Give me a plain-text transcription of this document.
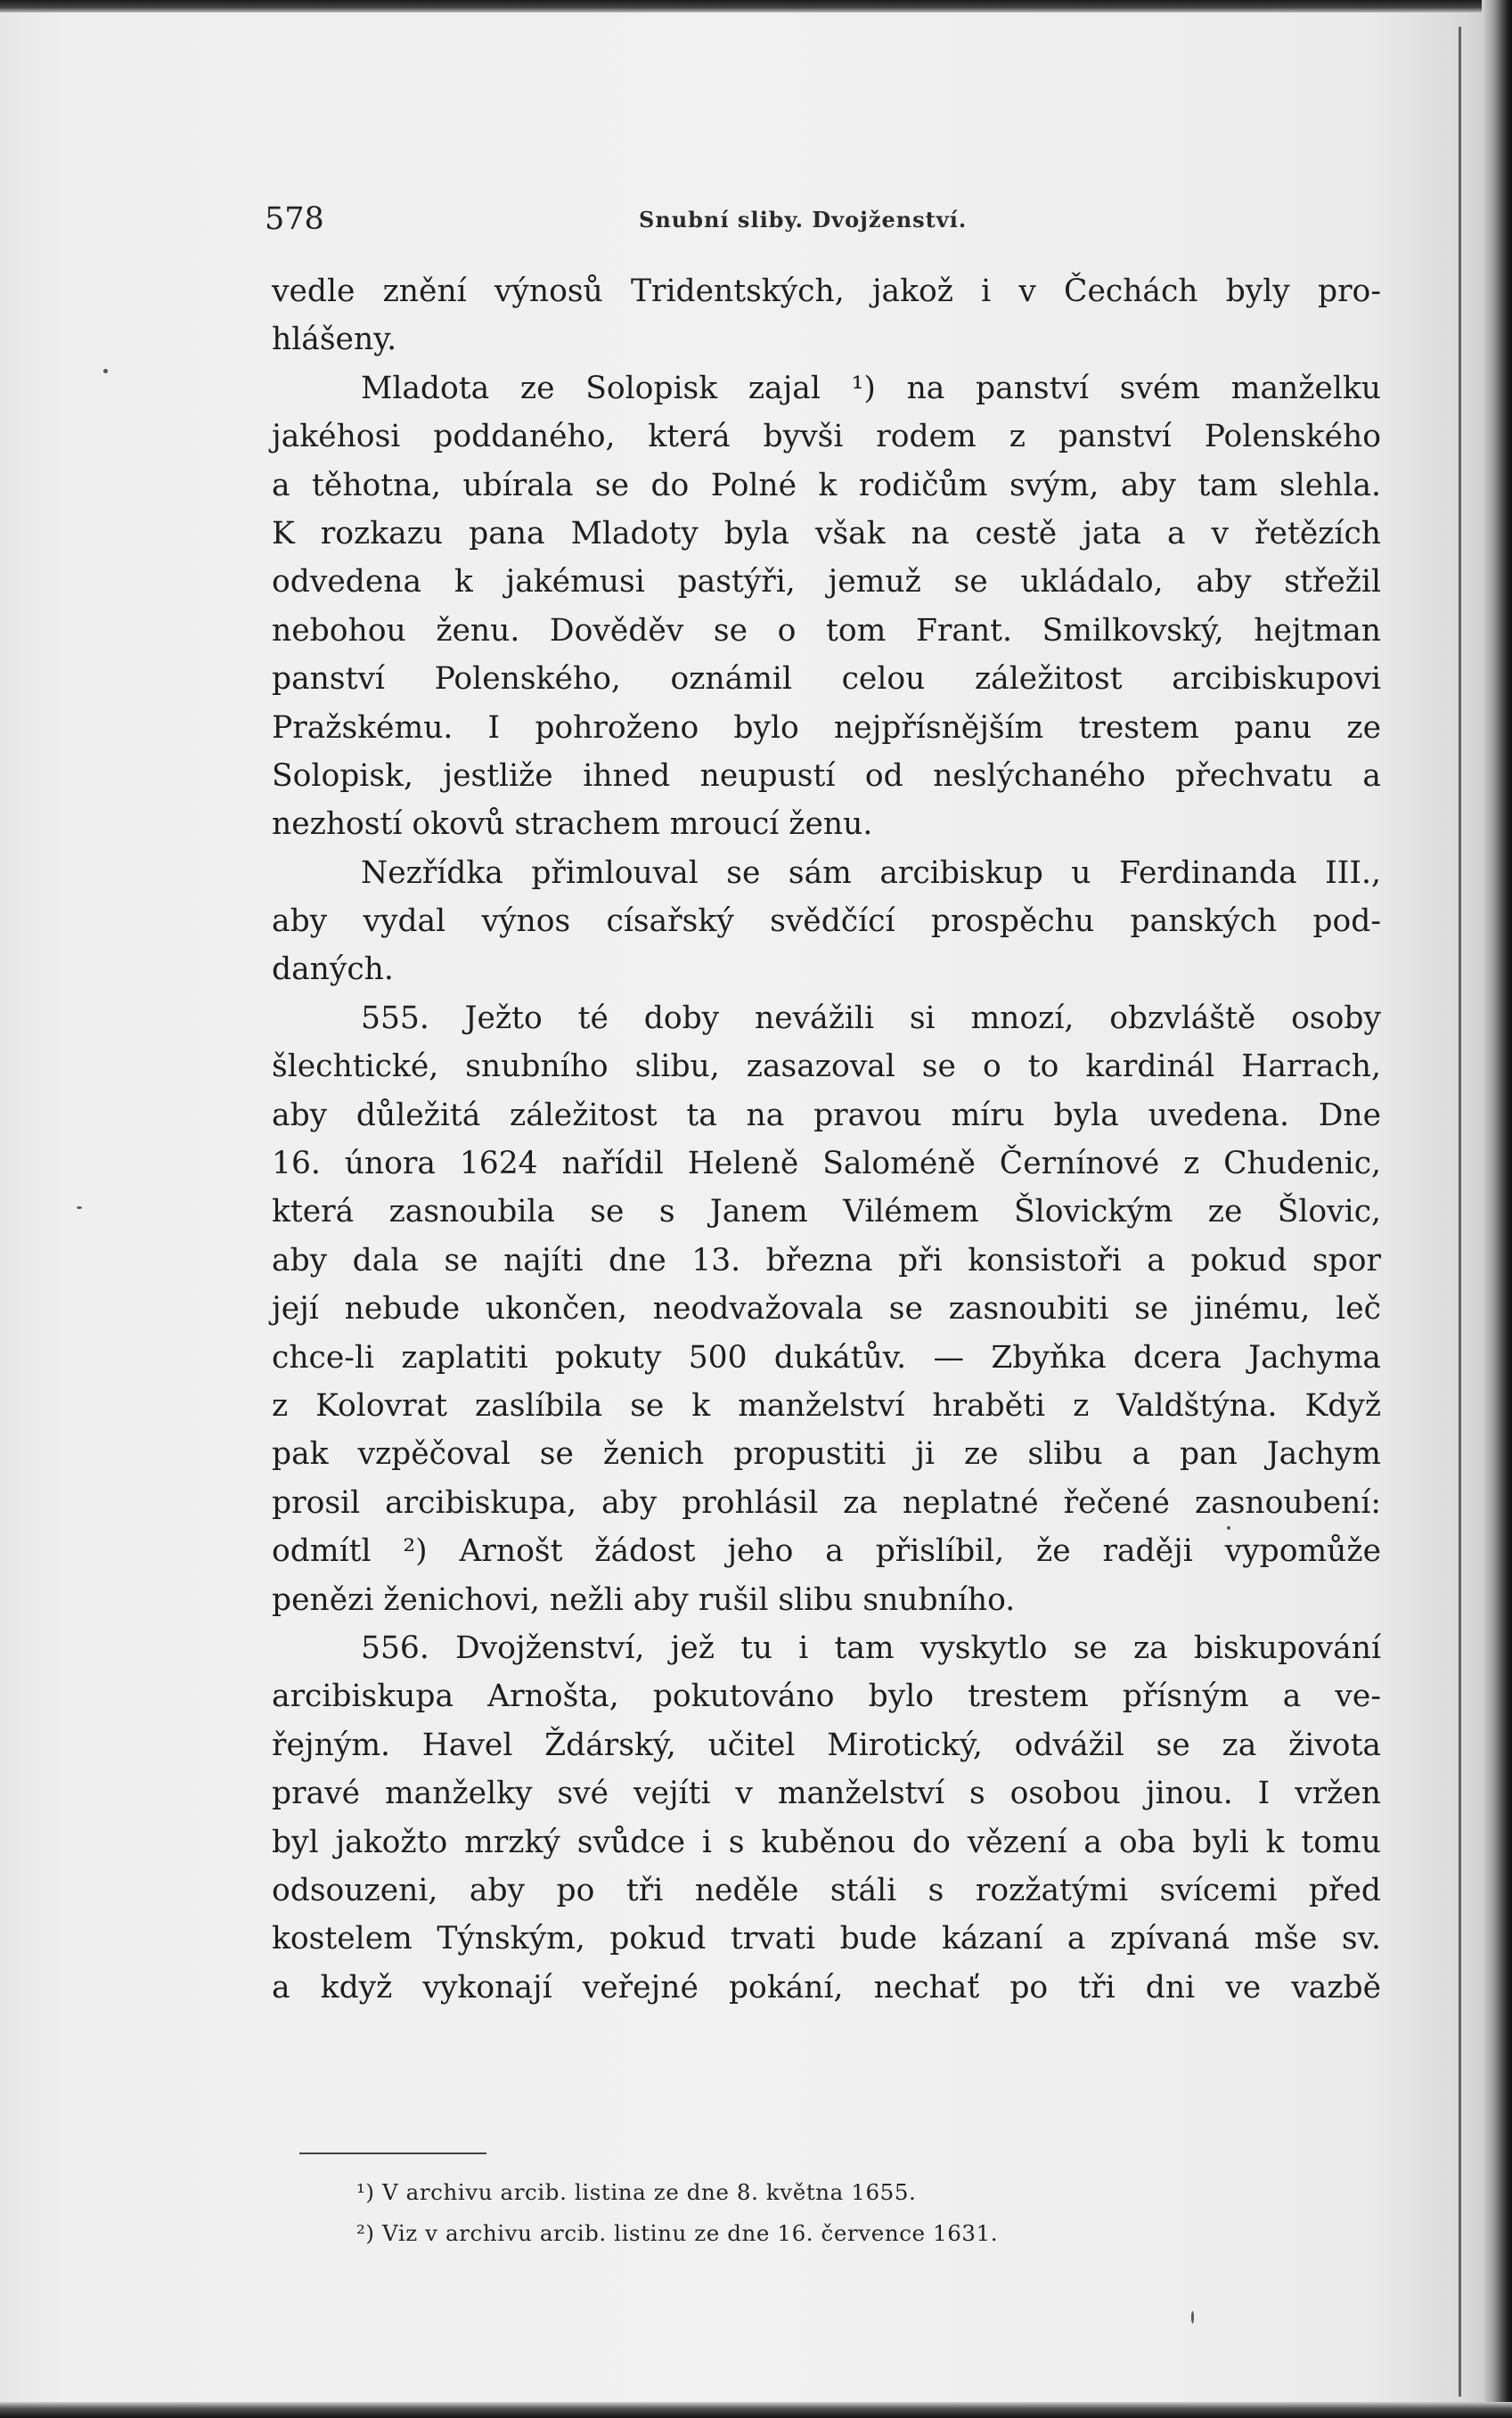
578	Snubní sliby. Dvojženství.
vedle znění výnosů Tridentských, jakož i v Čechách byly pro-
hlášeny.
Mladota ze Solopisk zajal ¹) na panství svém manželku
jakéhosi poddaného, která byvši rodem z panství Polenského
a těhotna, ubírala se do Polné k rodičům svým, aby tam slehla.
K rozkazu pana Mladoty byla však na cestě jata a v řetězích
odvedena k jakémusi pastýři, jemuž se ukládalo, aby střežil
nebohou ženu. Dověděv se o tom Frant. Smilkovský, hejtman
panství Polenského, oznámil celou záležitost arcibiskupovi
Pražskému. I pohroženo bylo nejpřísnějším trestem panu ze
Solopisk, jestliže ihned neupustí od neslýchaného přechvatu a
nezhostí okovů strachem mroucí ženu.
Nezřídka přimlouval se sám arcibiskup u Ferdinanda III.,
aby vydal výnos císařský svědčící prospěchu panských pod-
daných.
555. Ježto té doby nevážili si mnozí, obzvláště osoby
šlechtické, snubního slibu, zasazoval se o to kardinál Harrach,
aby důležitá záležitost ta na pravou míru byla uvedena. Dne
16. února 1624 nařídil Heleně Saloméně Černínové z Chudenic,
která zasnoubila se s Janem Vilémem Šlovickým ze Šlovic,
aby dala se najíti dne 13. března při konsistoři a pokud spor
její nebude ukončen, neodvažovala se zasnoubiti se jinému, leč
chce-li zaplatiti pokuty 500 dukátův. — Zbyňka dcera Jachyma
z Kolovrat zaslíbila se k manželství hraběti z Valdštýna. Když
pak vzpěčoval se ženich propustiti ji ze slibu a pan Jachym
prosil arcibiskupa, aby prohlásil za neplatné řečené zasnoubení:
odmítl ²) Arnošt žádost jeho a přislíbil, že raději vypomůže
penězi ženichovi, nežli aby rušil slibu snubního.
556. Dvojženství, jež tu i tam vyskytlo se za biskupování
arcibiskupa Arnošta, pokutováno bylo trestem přísným a ve-
řejným. Havel Ždárský, učitel Mirotický, odvážil se za života
pravé manželky své vejíti v manželství s osobou jinou. I vržen
byl jakožto mrzký svůdce i s kuběnou do vězení a oba byli k tomu
odsouzeni, aby po tři neděle stáli s rozžatými svícemi před
kostelem Týnským, pokud trvati bude kázaní a zpívaná mše sv.
a když vykonají veřejné pokání, nechať po tři dni ve vazbě
¹) V archivu arcib. listina ze dne 8. května 1655.
²) Viz v archivu arcib. listinu ze dne 16. července 1631.
